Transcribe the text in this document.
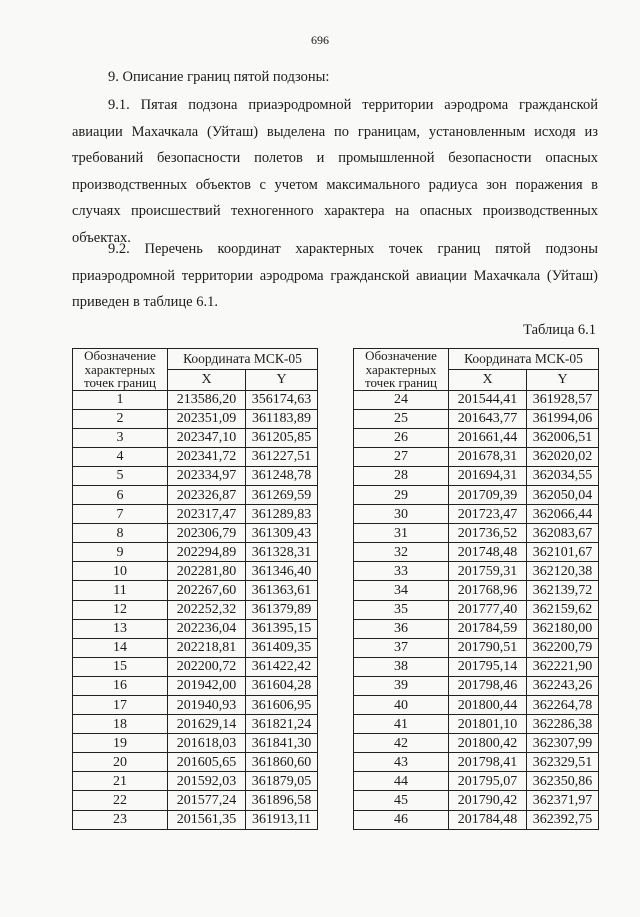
696
9. Описание границ пятой подзоны:

9.1. Пятая подзона приаэродромной территории аэродрома гражданской авиации Махачкала (Уйташ) выделена по границам, установленным исходя из требований безопасности полетов и промышленной безопасности опасных производственных объектов с учетом максимального радиуса зон поражения в случаях происшествий техногенного характера на опасных производственных объектах.

9.2. Перечень координат характерных точек границ пятой подзоны приаэродромной территории аэродрома гражданской авиации Махачкала (Уйташ) приведен в таблице 6.1.

Таблица 6.1
Обозначение характерных точек границ	Координата МСК-05	
	X	Y
1	213586,20	356174,63
2	202351,09	361183,89
3	202347,10	361205,85
4	202341,72	361227,51
5	202334,97	361248,78
6	202326,87	361269,59
7	202317,47	361289,83
8	202306,79	361309,43
9	202294,89	361328,31
10	202281,80	361346,40
11	202267,60	361363,61
12	202252,32	361379,89
13	202236,04	361395,15
14	202218,81	361409,35
15	202200,72	361422,42
16	201942,00	361604,28
17	201940,93	361606,95
18	201629,14	361821,24
19	201618,03	361841,30
20	201605,65	361860,60
21	201592,03	361879,05
22	201577,24	361896,58
23	201561,35	361913,11
Обозначение характерных точек границ	Координата МСК-05	
	X	Y
24	201544,41	361928,57
25	201643,77	361994,06
26	201661,44	362006,51
27	201678,31	362020,02
28	201694,31	362034,55
29	201709,39	362050,04
30	201723,47	362066,44
31	201736,52	362083,67
32	201748,48	362101,67
33	201759,31	362120,38
34	201768,96	362139,72
35	201777,40	362159,62
36	201784,59	362180,00
37	201790,51	362200,79
38	201795,14	362221,90
39	201798,46	362243,26
40	201800,44	362264,78
41	201801,10	362286,38
42	201800,42	362307,99
43	201798,41	362329,51
44	201795,07	362350,86
45	201790,42	362371,97
46	201784,48	362392,75
